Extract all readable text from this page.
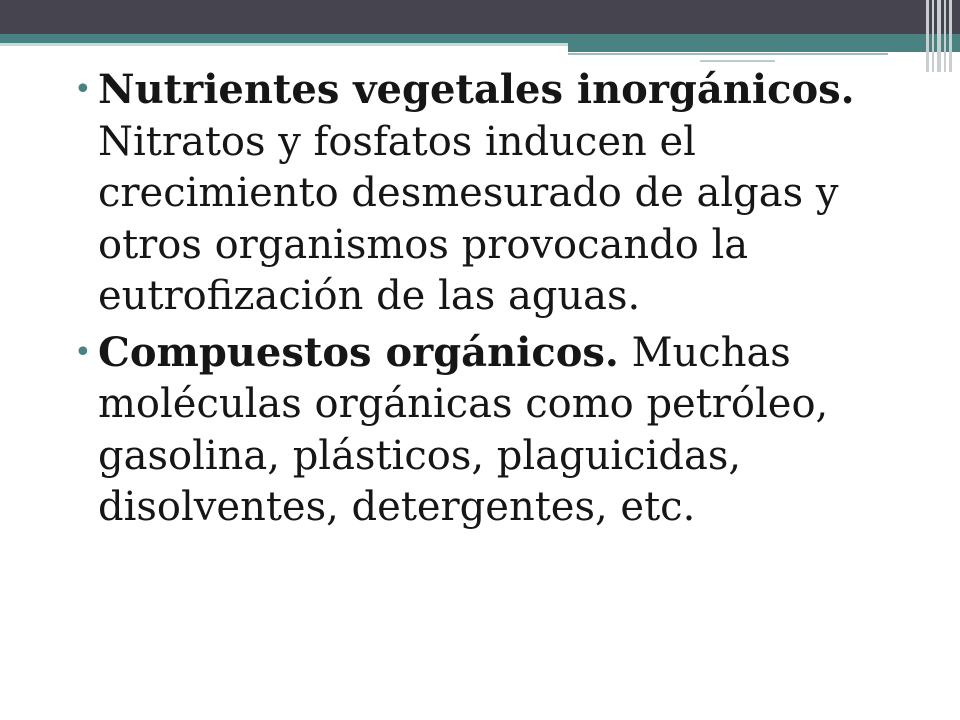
• Nutrientes vegetales inorgánicos. Nitratos y fosfatos inducen el crecimiento desmesurado de algas y otros organismos provocando la eutrofización de las aguas.
• Compuestos orgánicos. Muchas moléculas orgánicas como petróleo, gasolina, plásticos, plaguicidas, disolventes, detergentes, etc.
